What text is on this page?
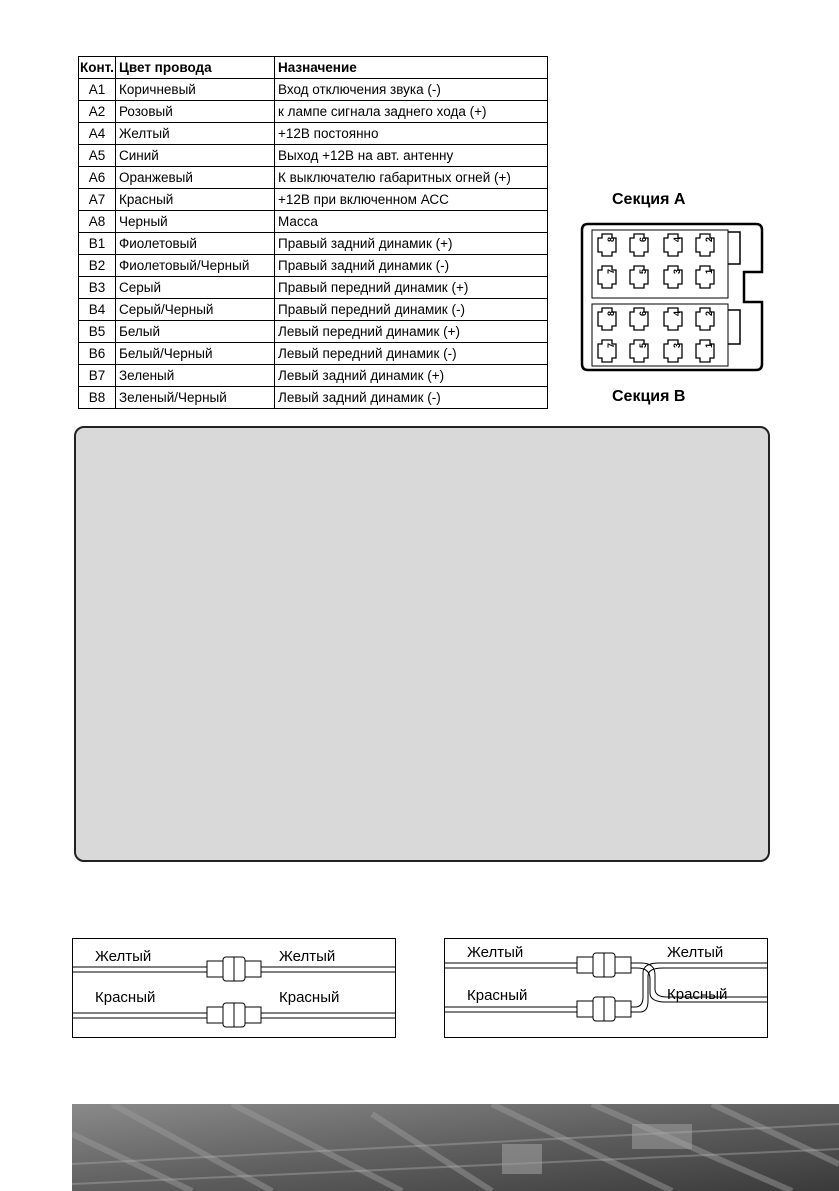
Конт.	Цвет провода	Назначение
A1	Коричневый	Вход отключения звука (-)
A2	Розовый	к лампе сигнала заднего хода (+)
A4	Желтый	+12В постоянно
A5	Синий	Выход +12В на авт. антенну
A6	Оранжевый	К выключателю габаритных огней (+)
A7	Красный	+12В при включенном АСС
A8	Черный	Масса
B1	Фиолетовый	Правый задний динамик (+)
B2	Фиолетовый/Черный	Правый задний динамик (-)
B3	Серый	Правый передний динамик (+)
B4	Серый/Черный	Правый передний динамик (-)
B5	Белый	Левый передний динамик (+)
B6	Белый/Черный	Левый передний динамик (-)
B7	Зеленый	Левый задний динамик (+)
B8	Зеленый/Черный	Левый задний динамик (-)
Секция А
Секция В
8 6	4 2
7 5	3 1
8 6	4 2
7 5	3 1
Желтый	Желтый
Красный	Красный
Желтый	Желтый
Красный	Красный
